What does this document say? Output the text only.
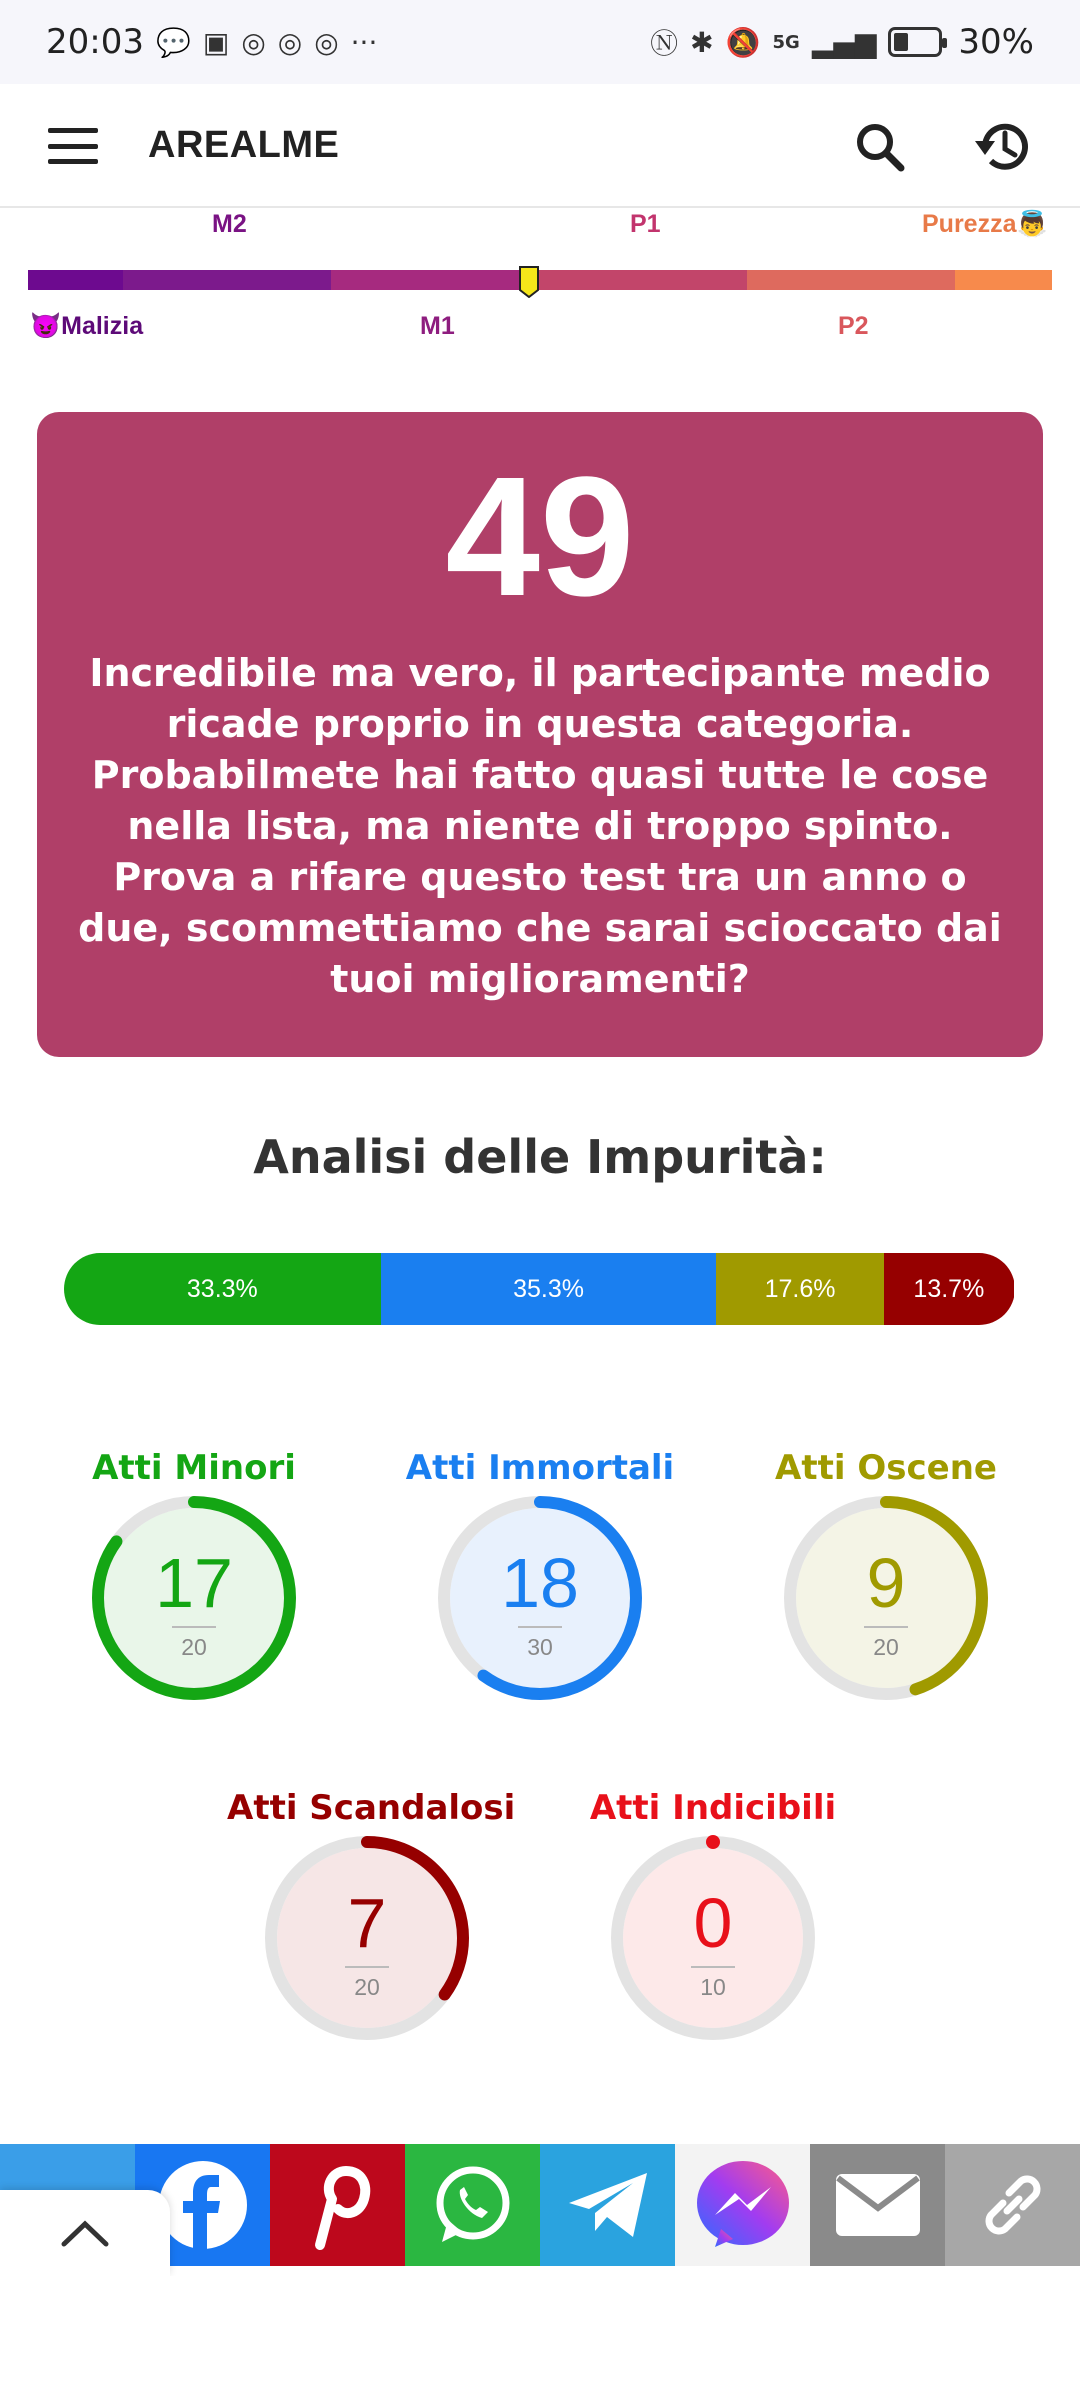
20:03 💬 ▣ ◎ ◎ ◎ ···	Ⓝ ✱ 🔕 5G ▂▄▆ 30%
AREALME
M2	P1	Purezza👼
😈Malizia	M1	P2
49
Incredibile ma vero, il partecipante medio ricade proprio in questa categoria. Probabilmete hai fatto quasi tutte le cose nella lista, ma niente di troppo spinto. Prova a rifare questo test tra un anno o due, scommettiamo che sarai scioccato dai tuoi miglioramenti?
Analisi delle Impurità:
33.3%	35.3%	17.6%	13.7%
Atti Minori
17
20
Atti Immortali
18
30
Atti Oscene
9
20
Atti Scandalosi
7
20
Atti Indicibili
0
10
